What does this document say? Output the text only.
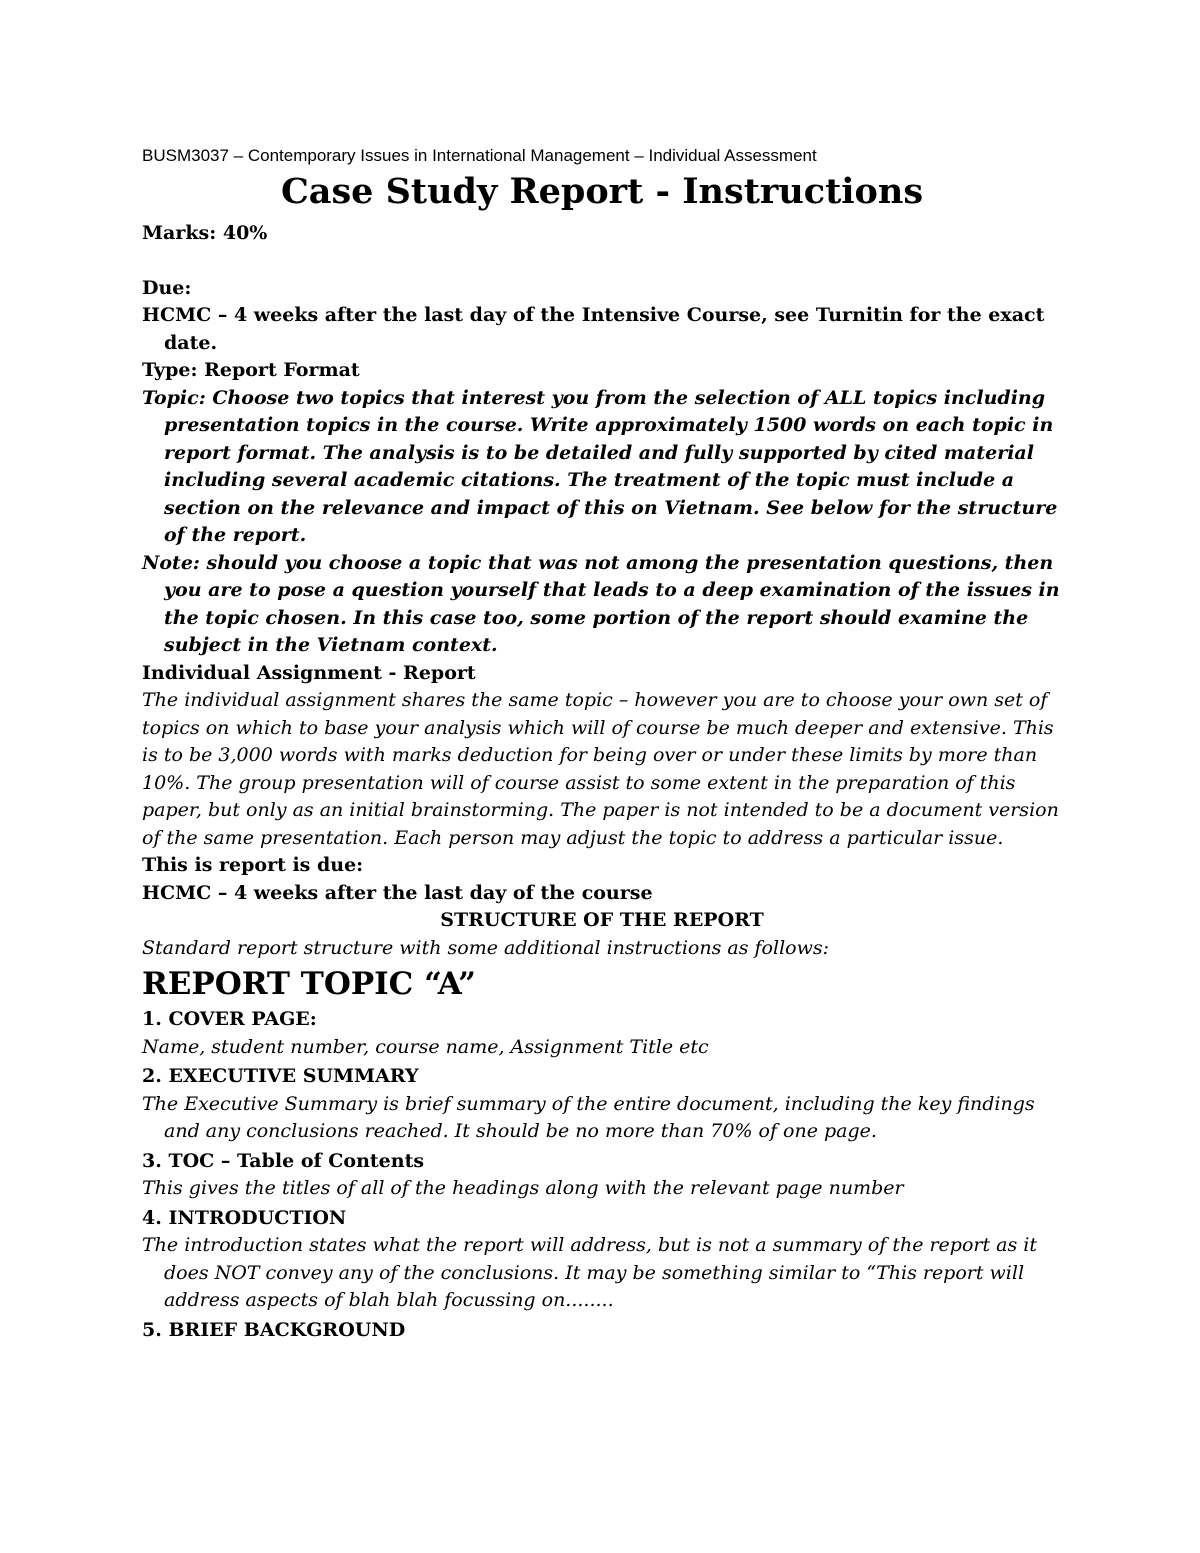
BUSM3037 – Contemporary Issues in International Management – Individual Assessment

Case Study Report - Instructions

Marks: 40%

Due:

HCMC – 4 weeks after the last day of the Intensive Course, see Turnitin for the exact date.

Type: Report Format

Topic: Choose two topics that interest you from the selection of ALL topics including presentation topics in the course. Write approximately 1500 words on each topic in report format. The analysis is to be detailed and fully supported by cited material including several academic citations. The treatment of the topic must include a section on the relevance and impact of this on Vietnam. See below for the structure of the report.

Note: should you choose a topic that was not among the presentation questions, then you are to pose a question yourself that leads to a deep examination of the issues in the topic chosen. In this case too, some portion of the report should examine the subject in the Vietnam context.

Individual Assignment - Report

The individual assignment shares the same topic – however you are to choose your own set of topics on which to base your analysis which will of course be much deeper and extensive. This is to be 3,000 words with marks deduction for being over or under these limits by more than 10%. The group presentation will of course assist to some extent in the preparation of this paper, but only as an initial brainstorming. The paper is not intended to be a document version of the same presentation. Each person may adjust the topic to address a particular issue.

This is report is due:

HCMC – 4 weeks after the last day of the course

STRUCTURE OF THE REPORT

Standard report structure with some additional instructions as follows:

REPORT TOPIC “A”

1. COVER PAGE:

Name, student number, course name, Assignment Title etc

2. EXECUTIVE SUMMARY

The Executive Summary is brief summary of the entire document, including the key findings and any conclusions reached. It should be no more than 70% of one page.

3. TOC – Table of Contents

This gives the titles of all of the headings along with the relevant page number

4. INTRODUCTION

The introduction states what the report will address, but is not a summary of the report as it does NOT convey any of the conclusions. It may be something similar to “This report will address aspects of blah blah focussing on........

5. BRIEF BACKGROUND
